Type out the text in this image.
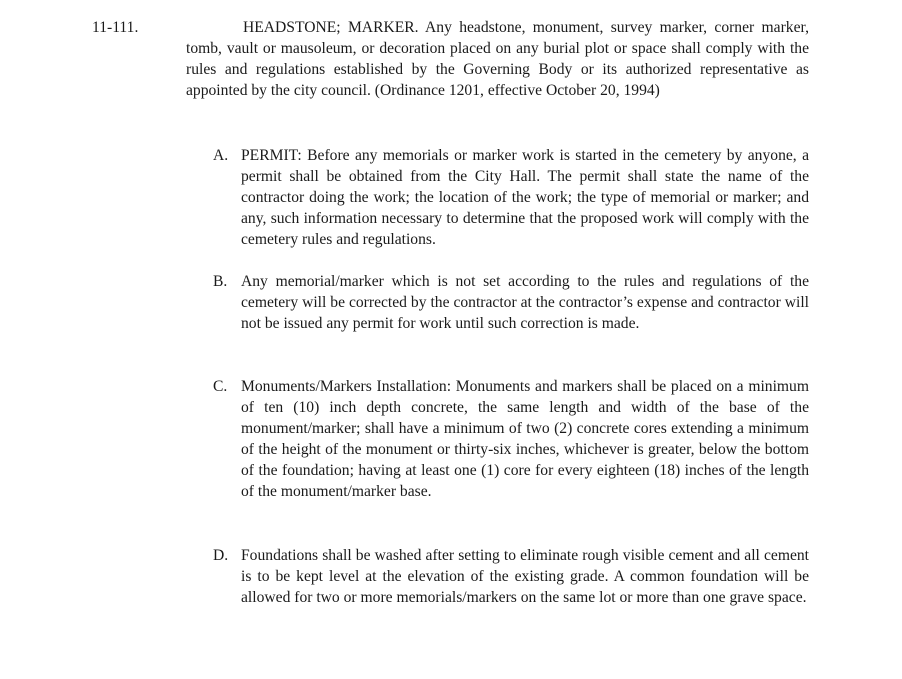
11-111.	HEADSTONE; MARKER. Any headstone, monument, survey marker, corner marker, tomb, vault or mausoleum, or decoration placed on any burial plot or space shall comply with the rules and regulations established by the Governing Body or its authorized representative as appointed by the city council. (Ordinance 1201, effective October 20, 1994)

A. PERMIT: Before any memorials or marker work is started in the cemetery by anyone, a permit shall be obtained from the City Hall. The permit shall state the name of the contractor doing the work; the location of the work; the type of memorial or marker; and any, such information necessary to determine that the proposed work will comply with the cemetery rules and regulations.

B. Any memorial/marker which is not set according to the rules and regulations of the cemetery will be corrected by the contractor at the contractor’s expense and contractor will not be issued any permit for work until such correction is made.

C. Monuments/Markers Installation: Monuments and markers shall be placed on a minimum of ten (10) inch depth concrete, the same length and width of the base of the monument/marker; shall have a minimum of two (2) concrete cores extending a minimum of the height of the monument or thirty-six inches, whichever is greater, below the bottom of the foundation; having at least one (1) core for every eighteen (18) inches of the length of the monument/marker base.

D. Foundations shall be washed after setting to eliminate rough visible cement and all cement is to be kept level at the elevation of the existing grade. A common foundation will be allowed for two or more memorials/markers on the same lot or more than one grave space.
